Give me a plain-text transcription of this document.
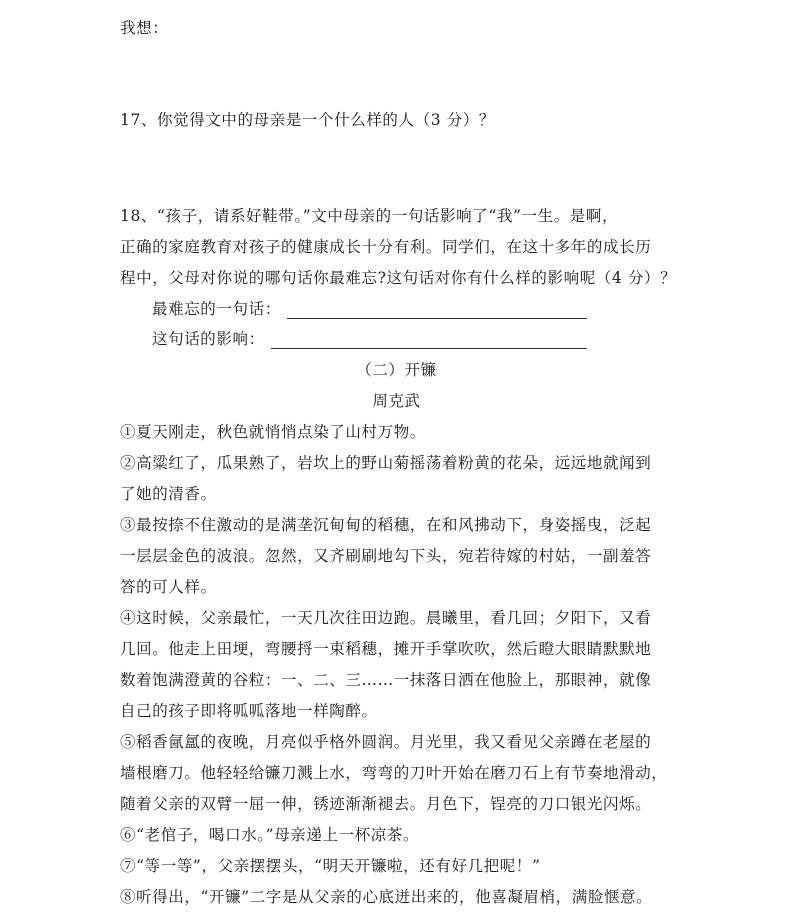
我想：
17、你觉得文中的母亲是一个什么样的人（3 分）？
18、“孩子，请系好鞋带。”文中母亲的一句话影响了“我”一生。是啊，
正确的家庭教育对孩子的健康成长十分有利。同学们，在这十多年的成长历
程中，父母对你说的哪句话你最难忘?这句话对你有什么样的影响呢（4 分）？
最难忘的一句话：
这句话的影响：
（二）开镰
周克武
①夏天刚走，秋色就悄悄点染了山村万物。
②高粱红了，瓜果熟了，岩坎上的野山菊摇荡着粉黄的花朵，远远地就闻到
了她的清香。
③最按捺不住激动的是满垄沉甸甸的稻穗，在和风拂动下，身姿摇曳，泛起
一层层金色的波浪。忽然，又齐刷刷地勾下头，宛若待嫁的村姑，一副羞答
答的可人样。
④这时候，父亲最忙，一天几次往田边跑。晨曦里，看几回；夕阳下，又看
几回。他走上田埂，弯腰捋一束稻穗，摊开手掌吹吹，然后瞪大眼睛默默地
数着饱满澄黄的谷粒：一、二、三……一抹落日洒在他脸上，那眼神，就像
自己的孩子即将呱呱落地一样陶醉。
⑤稻香氤氲的夜晚，月亮似乎格外圆润。月光里，我又看见父亲蹲在老屋的
墙根磨刀。他轻轻给镰刀溅上水，弯弯的刀叶开始在磨刀石上有节奏地滑动，
随着父亲的双臂一屈一伸，锈迹渐渐褪去。月色下，锃亮的刀口银光闪烁。
⑥“老倌子，喝口水。”母亲递上一杯凉茶。
⑦“等一等”，父亲摆摆头，“明天开镰啦，还有好几把呢！”
⑧听得出，“开镰”二字是从父亲的心底迸出来的，他喜凝眉梢，满脸惬意。
